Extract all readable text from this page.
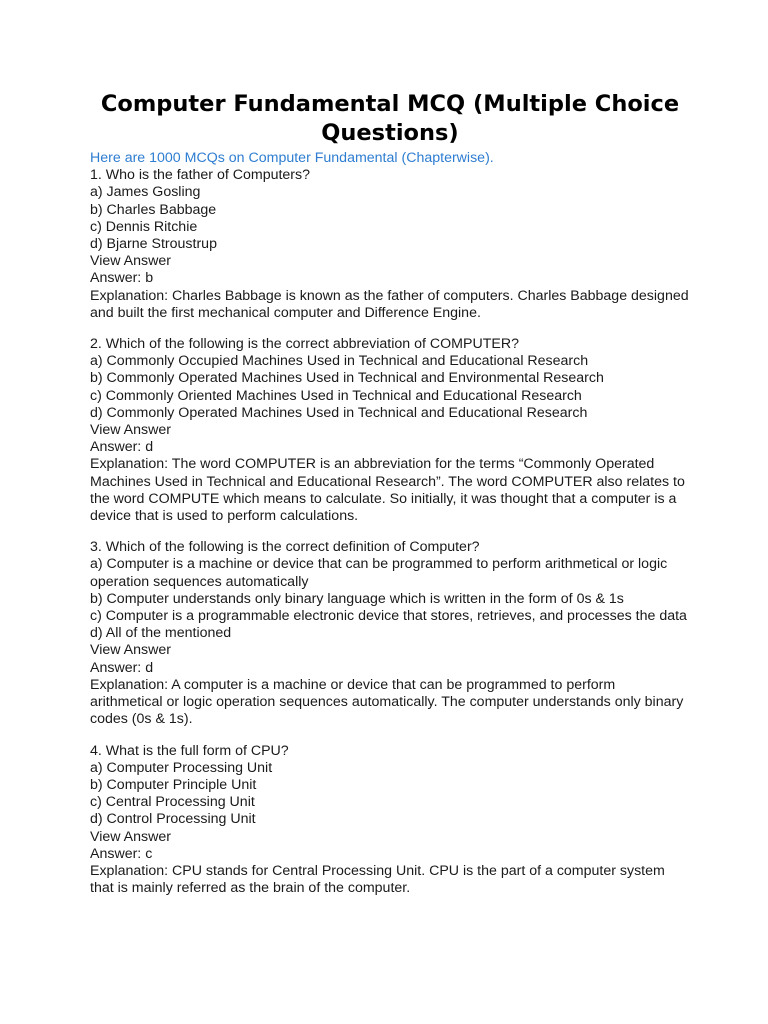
Computer Fundamental MCQ (Multiple Choice Questions)
Here are 1000 MCQs on Computer Fundamental (Chapterwise).
1. Who is the father of Computers?
a) James Gosling
b) Charles Babbage
c) Dennis Ritchie
d) Bjarne Stroustrup
View Answer
Answer: b
Explanation: Charles Babbage is known as the father of computers. Charles Babbage designed and built the first mechanical computer and Difference Engine.
2. Which of the following is the correct abbreviation of COMPUTER?
a) Commonly Occupied Machines Used in Technical and Educational Research
b) Commonly Operated Machines Used in Technical and Environmental Research
c) Commonly Oriented Machines Used in Technical and Educational Research
d) Commonly Operated Machines Used in Technical and Educational Research
View Answer
Answer: d
Explanation: The word COMPUTER is an abbreviation for the terms “Commonly Operated Machines Used in Technical and Educational Research”. The word COMPUTER also relates to the word COMPUTE which means to calculate. So initially, it was thought that a computer is a device that is used to perform calculations.
3. Which of the following is the correct definition of Computer?
a) Computer is a machine or device that can be programmed to perform arithmetical or logic operation sequences automatically
b) Computer understands only binary language which is written in the form of 0s & 1s
c) Computer is a programmable electronic device that stores, retrieves, and processes the data
d) All of the mentioned
View Answer
Answer: d
Explanation: A computer is a machine or device that can be programmed to perform arithmetical or logic operation sequences automatically. The computer understands only binary codes (0s & 1s).
4. What is the full form of CPU?
a) Computer Processing Unit
b) Computer Principle Unit
c) Central Processing Unit
d) Control Processing Unit
View Answer
Answer: c
Explanation: CPU stands for Central Processing Unit. CPU is the part of a computer system that is mainly referred as the brain of the computer.
